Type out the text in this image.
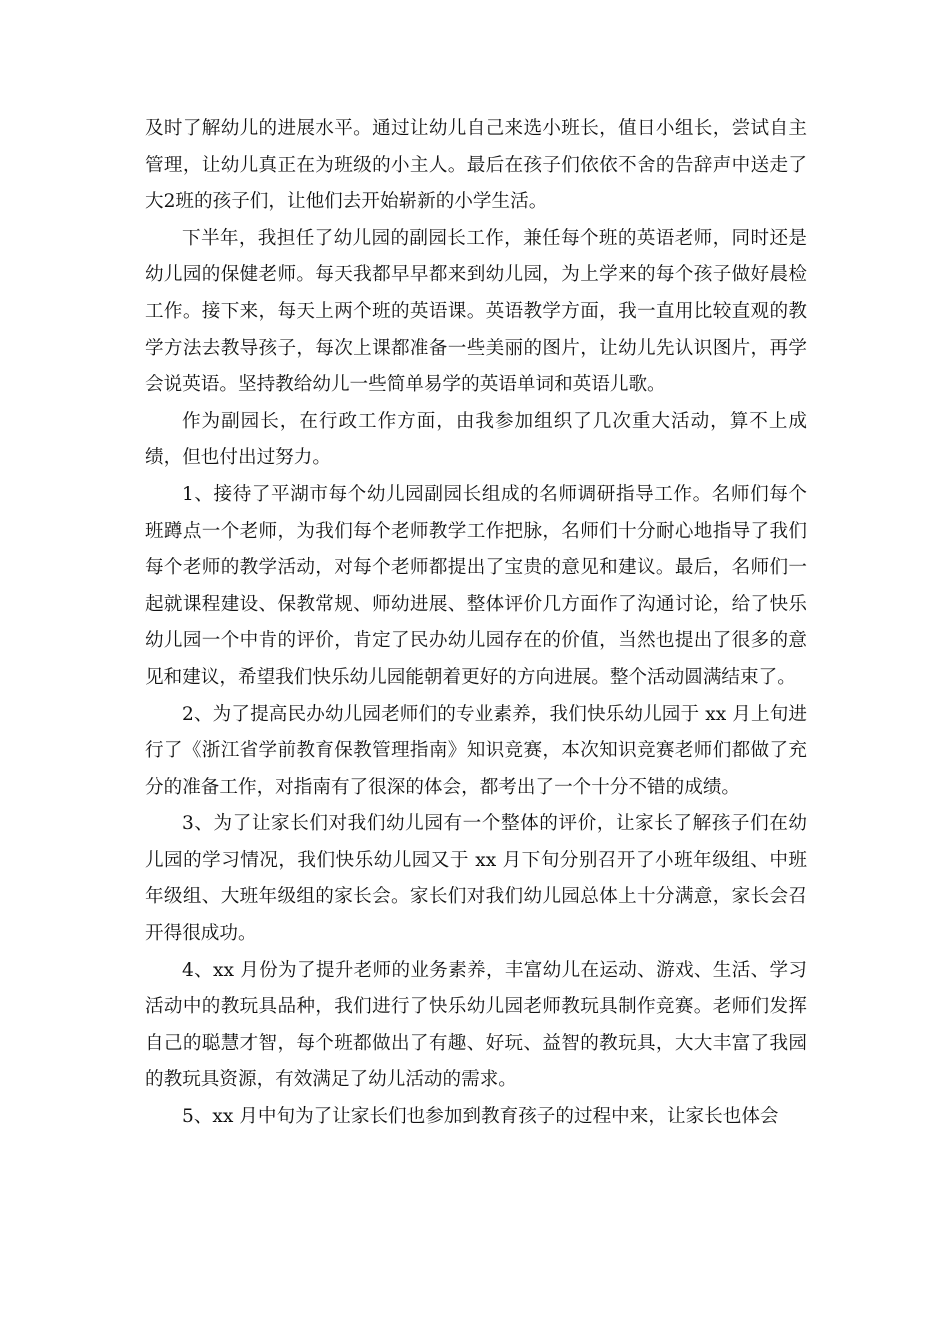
及时了解幼儿的进展水平。通过让幼儿自己来选小班长，值日小组长，尝试自主管理，让幼儿真正在为班级的小主人。最后在孩子们依依不舍的告辞声中送走了大2班的孩子们，让他们去开始崭新的小学生活。

下半年，我担任了幼儿园的副园长工作，兼任每个班的英语老师，同时还是幼儿园的保健老师。每天我都早早都来到幼儿园，为上学来的每个孩子做好晨检工作。接下来，每天上两个班的英语课。英语教学方面，我一直用比较直观的教学方法去教导孩子，每次上课都准备一些美丽的图片，让幼儿先认识图片，再学会说英语。坚持教给幼儿一些简单易学的英语单词和英语儿歌。

作为副园长，在行政工作方面，由我参加组织了几次重大活动，算不上成绩，但也付出过努力。

1、接待了平湖市每个幼儿园副园长组成的名师调研指导工作。名师们每个班蹲点一个老师，为我们每个老师教学工作把脉，名师们十分耐心地指导了我们每个老师的教学活动，对每个老师都提出了宝贵的意见和建议。最后，名师们一起就课程建设、保教常规、师幼进展、整体评价几方面作了沟通讨论，给了快乐幼儿园一个中肯的评价，肯定了民办幼儿园存在的价值，当然也提出了很多的意见和建议，希望我们快乐幼儿园能朝着更好的方向进展。整个活动圆满结束了。

2、为了提高民办幼儿园老师们的专业素养，我们快乐幼儿园于 xx 月上旬进行了《浙江省学前教育保教管理指南》知识竞赛，本次知识竞赛老师们都做了充分的准备工作，对指南有了很深的体会，都考出了一个十分不错的成绩。

3、为了让家长们对我们幼儿园有一个整体的评价，让家长了解孩子们在幼儿园的学习情况，我们快乐幼儿园又于 xx 月下旬分别召开了小班年级组、中班年级组、大班年级组的家长会。家长们对我们幼儿园总体上十分满意，家长会召开得很成功。

4、xx 月份为了提升老师的业务素养，丰富幼儿在运动、游戏、生活、学习活动中的教玩具品种，我们进行了快乐幼儿园老师教玩具制作竞赛。老师们发挥自己的聪慧才智，每个班都做出了有趣、好玩、益智的教玩具，大大丰富了我园的教玩具资源，有效满足了幼儿活动的需求。

5、xx 月中旬为了让家长们也参加到教育孩子的过程中来，让家长也体会
